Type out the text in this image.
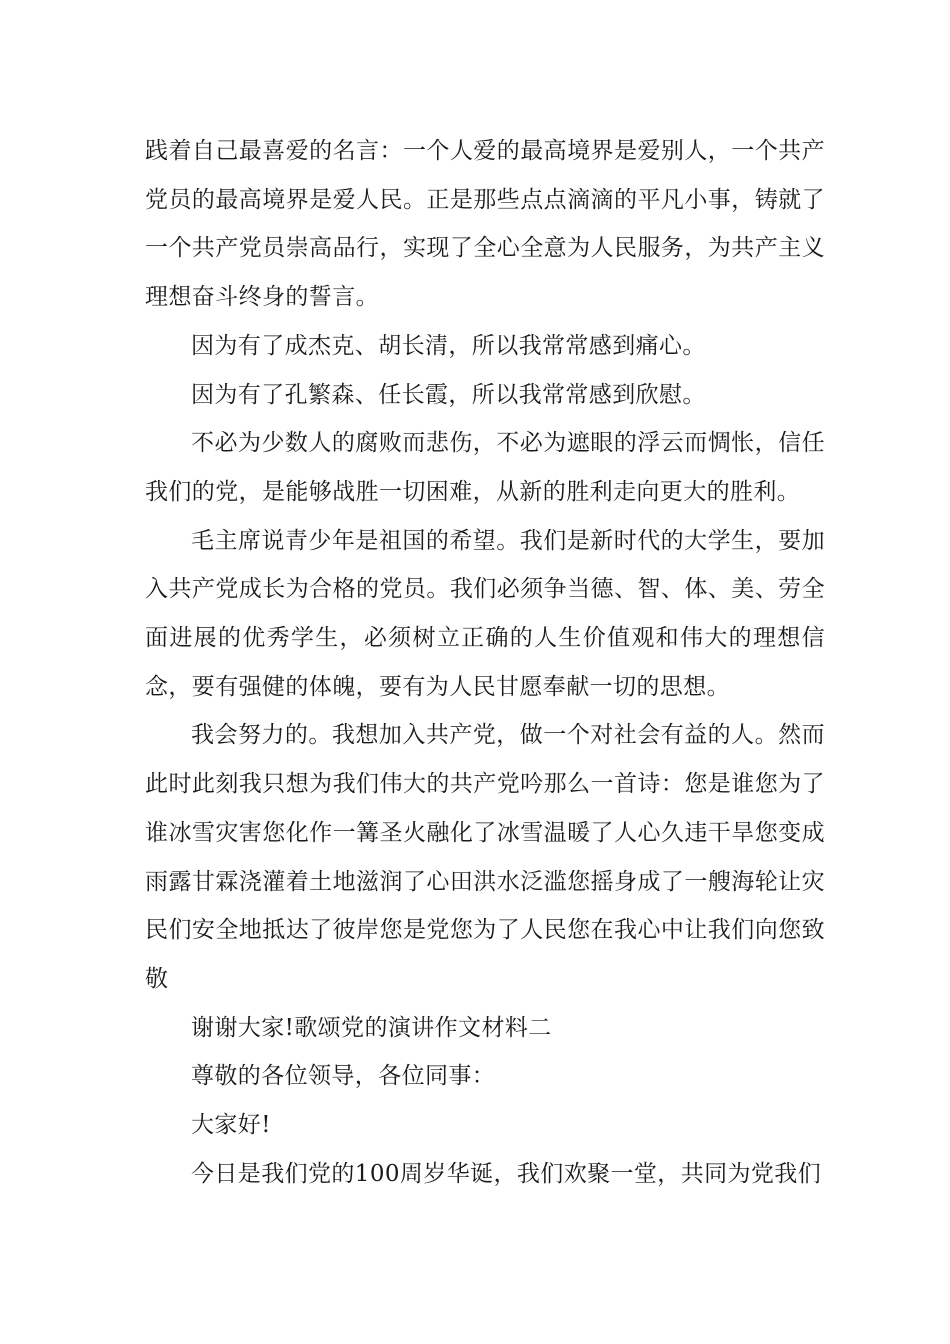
践着自己最喜爱的名言：一个人爱的最高境界是爱别人，一个共产党员的最高境界是爱人民。正是那些点点滴滴的平凡小事，铸就了一个共产党员崇高品行，实现了全心全意为人民服务，为共产主义理想奋斗终身的誓言。

因为有了成杰克、胡长清，所以我常常感到痛心。

因为有了孔繁森、任长霞，所以我常常感到欣慰。

不必为少数人的腐败而悲伤，不必为遮眼的浮云而惆怅，信任我们的党，是能够战胜一切困难，从新的胜利走向更大的胜利。

毛主席说青少年是祖国的希望。我们是新时代的大学生，要加入共产党成长为合格的党员。我们必须争当德、智、体、美、劳全面进展的优秀学生，必须树立正确的人生价值观和伟大的理想信念，要有强健的体魄，要有为人民甘愿奉献一切的思想。

我会努力的。我想加入共产党，做一个对社会有益的人。然而此时此刻我只想为我们伟大的共产党吟那么一首诗：您是谁您为了谁冰雪灾害您化作一篝圣火融化了冰雪温暖了人心久违干旱您变成雨露甘霖浇灌着土地滋润了心田洪水泛滥您摇身成了一艘海轮让灾民们安全地抵达了彼岸您是党您为了人民您在我心中让我们向您致敬

谢谢大家!歌颂党的演讲作文材料二

尊敬的各位领导，各位同事：

大家好!

今日是我们党的100周岁华诞，我们欢聚一堂，共同为党我们
